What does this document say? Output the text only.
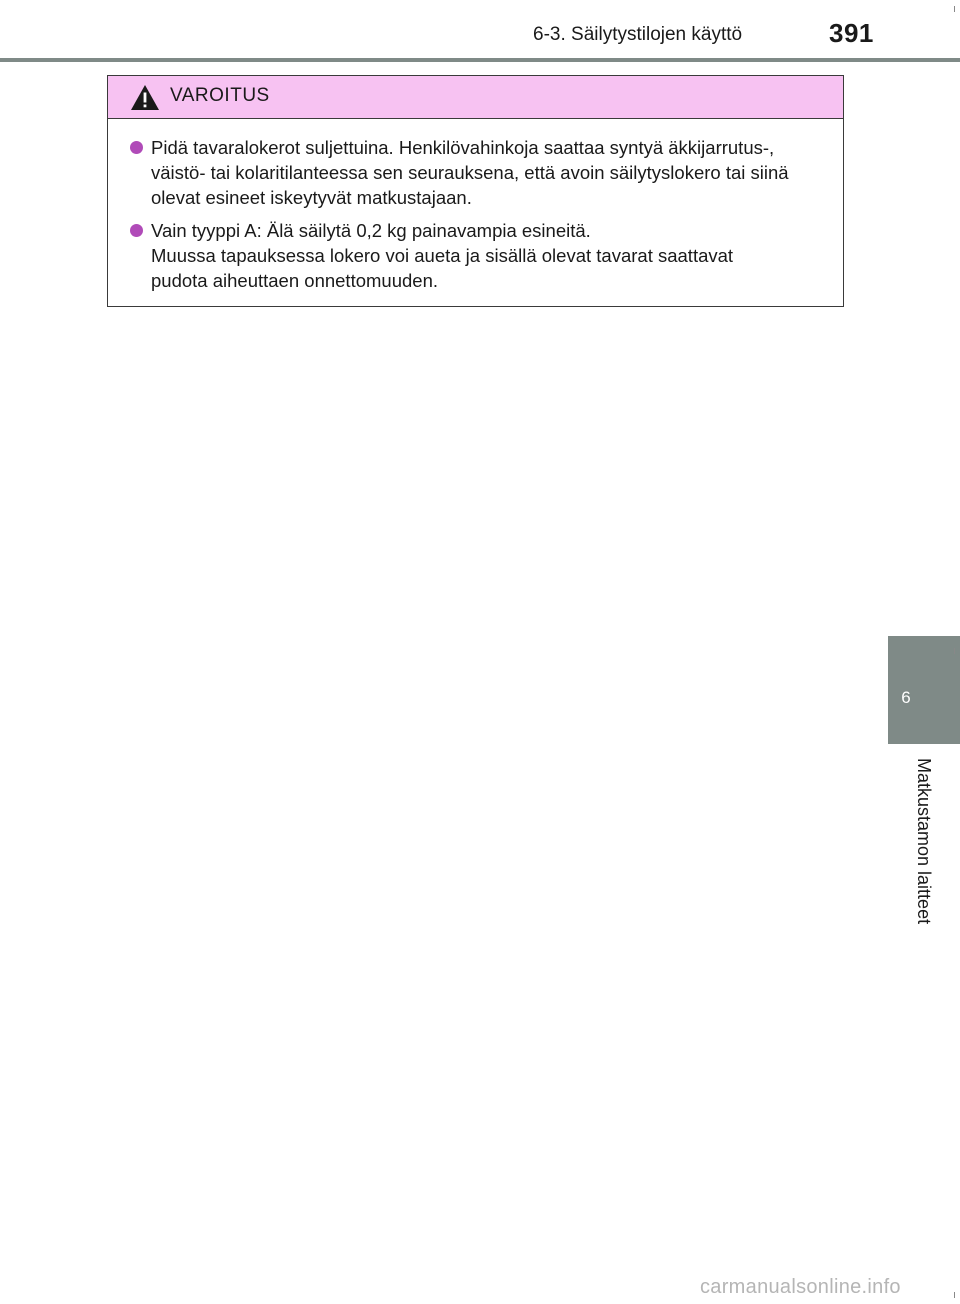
6-3. Säilytystilojen käyttö	391
VAROITUS
Pidä tavaralokerot suljettuina. Henkilövahinkoja saattaa syntyä äkkijarrutus-,
väistö- tai kolaritilanteessa sen seurauksena, että avoin säilytyslokero tai siinä
olevat esineet iskeytyvät matkustajaan.
Vain tyyppi A: Älä säilytä 0,2 kg painavampia esineitä.
Muussa tapauksessa lokero voi aueta ja sisällä olevat tavarat saattavat
pudota aiheuttaen onnettomuuden.
6
Matkustamon laitteet
carmanualsonline.info
